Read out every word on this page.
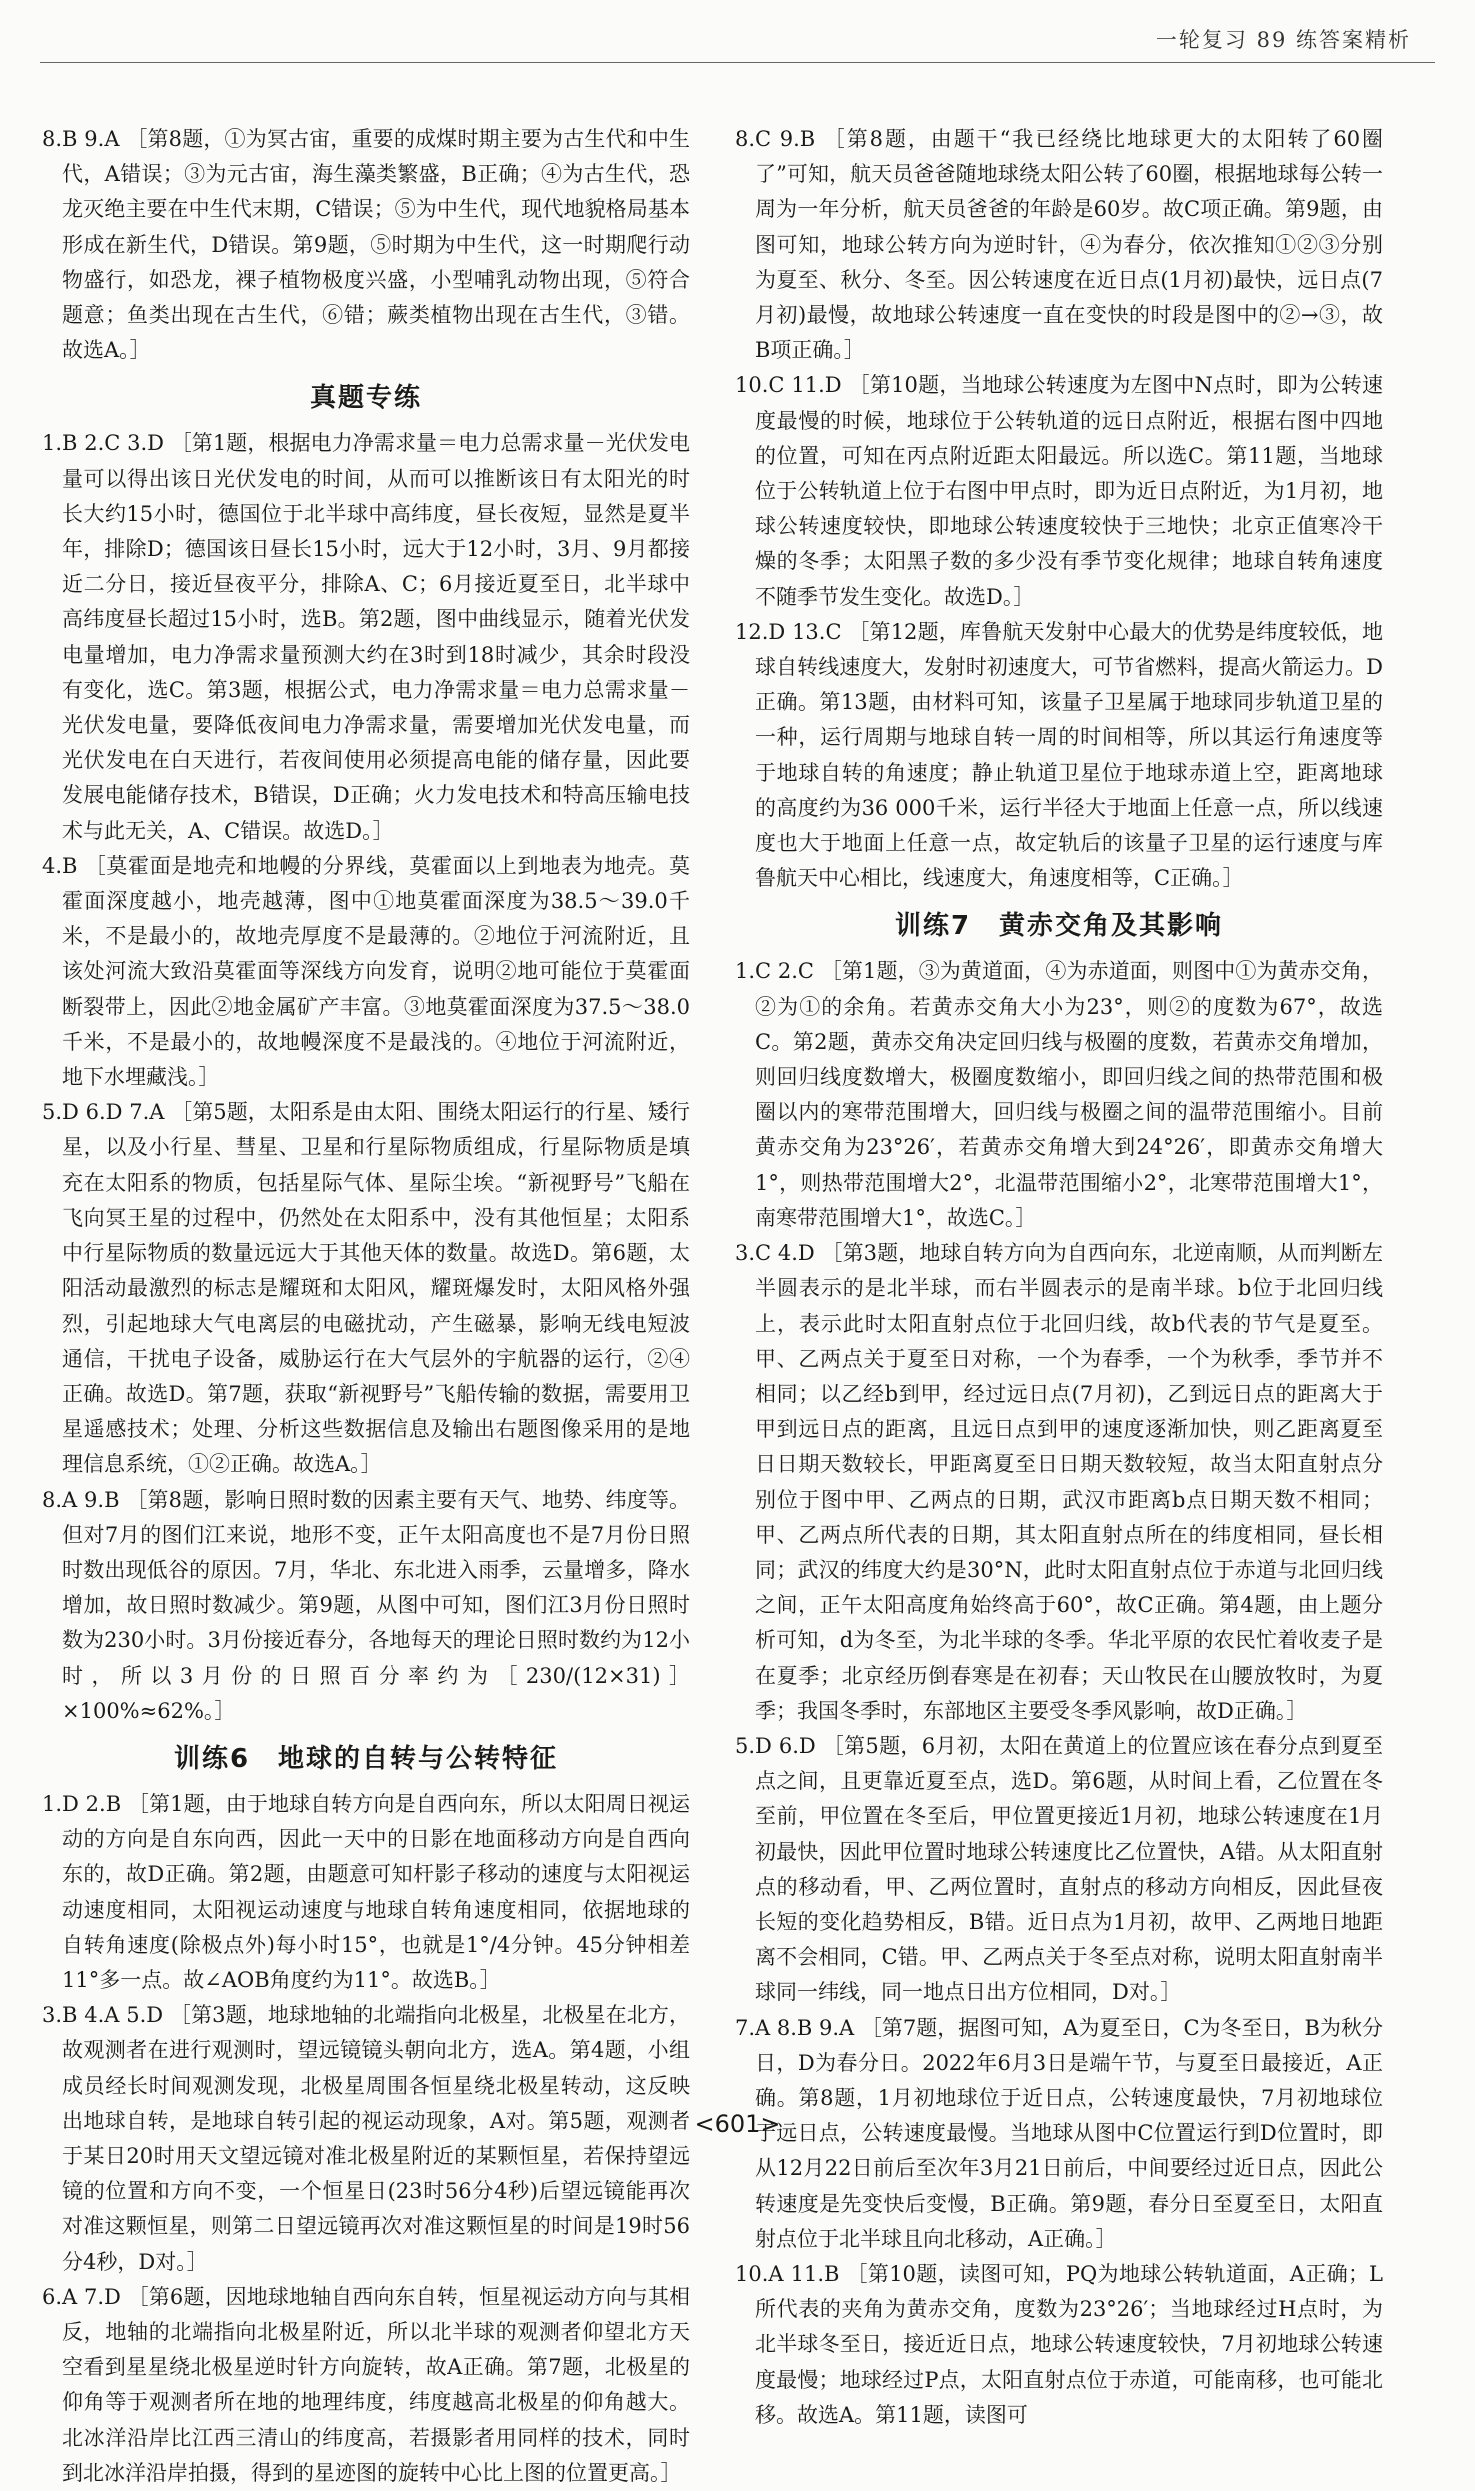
一轮复习 89 练答案精析

8.B 9.A ［第8题，①为冥古宙，重要的成煤时期主要为古生代和中生代，A错误；③为元古宙，海生藻类繁盛，B正确；④为古生代，恐龙灭绝主要在中生代末期，C错误；⑤为中生代，现代地貌格局基本形成在新生代，D错误。第9题，⑤时期为中生代，这一时期爬行动物盛行，如恐龙，裸子植物极度兴盛，小型哺乳动物出现，⑤符合题意；鱼类出现在古生代，⑥错；蕨类植物出现在古生代，③错。故选A。］

真题专练

1.B 2.C 3.D ［第1题，根据电力净需求量＝电力总需求量－光伏发电量可以得出该日光伏发电的时间，从而可以推断该日有太阳光的时长大约15小时，德国位于北半球中高纬度，昼长夜短，显然是夏半年，排除D；德国该日昼长15小时，远大于12小时，3月、9月都接近二分日，接近昼夜平分，排除A、C；6月接近夏至日，北半球中高纬度昼长超过15小时，选B。第2题，图中曲线显示，随着光伏发电量增加，电力净需求量预测大约在3时到18时减少，其余时段没有变化，选C。第3题，根据公式，电力净需求量＝电力总需求量－光伏发电量，要降低夜间电力净需求量，需要增加光伏发电量，而光伏发电在白天进行，若夜间使用必须提高电能的储存量，因此要发展电能储存技术，B错误，D正确；火力发电技术和特高压输电技术与此无关，A、C错误。故选D。］

4.B ［莫霍面是地壳和地幔的分界线，莫霍面以上到地表为地壳。莫霍面深度越小，地壳越薄，图中①地莫霍面深度为38.5～39.0千米，不是最小的，故地壳厚度不是最薄的。②地位于河流附近，且该处河流大致沿莫霍面等深线方向发育，说明②地可能位于莫霍面断裂带上，因此②地金属矿产丰富。③地莫霍面深度为37.5～38.0千米，不是最小的，故地幔深度不是最浅的。④地位于河流附近，地下水埋藏浅。］

5.D 6.D 7.A ［第5题，太阳系是由太阳、围绕太阳运行的行星、矮行星，以及小行星、彗星、卫星和行星际物质组成，行星际物质是填充在太阳系的物质，包括星际气体、星际尘埃。“新视野号”飞船在飞向冥王星的过程中，仍然处在太阳系中，没有其他恒星；太阳系中行星际物质的数量远远大于其他天体的数量。故选D。第6题，太阳活动最激烈的标志是耀斑和太阳风，耀斑爆发时，太阳风格外强烈，引起地球大气电离层的电磁扰动，产生磁暴，影响无线电短波通信，干扰电子设备，威胁运行在大气层外的宇航器的运行，②④正确。故选D。第7题，获取“新视野号”飞船传输的数据，需要用卫星遥感技术；处理、分析这些数据信息及输出右题图像采用的是地理信息系统，①②正确。故选A。］

8.A 9.B ［第8题，影响日照时数的因素主要有天气、地势、纬度等。但对7月的图们江来说，地形不变，正午太阳高度也不是7月份日照时数出现低谷的原因。7月，华北、东北进入雨季，云量增多，降水增加，故日照时数减少。第9题，从图中可知，图们江3月份日照时数为230小时。3月份接近春分，各地每天的理论日照时数约为12小时，所以3月份的日照百分率约为［230/(12×31)］×100%≈62%。］

训练6　地球的自转与公转特征

1.D 2.B ［第1题，由于地球自转方向是自西向东，所以太阳周日视运动的方向是自东向西，因此一天中的日影在地面移动方向是自西向东的，故D正确。第2题，由题意可知杆影子移动的速度与太阳视运动速度相同，太阳视运动速度与地球自转角速度相同，依据地球的自转角速度(除极点外)每小时15°，也就是1°/4分钟。45分钟相差11°多一点。故∠AOB角度约为11°。故选B。］

3.B 4.A 5.D ［第3题，地球地轴的北端指向北极星，北极星在北方，故观测者在进行观测时，望远镜镜头朝向北方，选A。第4题，小组成员经长时间观测发现，北极星周围各恒星绕北极星转动，这反映出地球自转，是地球自转引起的视运动现象，A对。第5题，观测者于某日20时用天文望远镜对准北极星附近的某颗恒星，若保持望远镜的位置和方向不变，一个恒星日(23时56分4秒)后望远镜能再次对准这颗恒星，则第二日望远镜再次对准这颗恒星的时间是19时56分4秒，D对。］

6.A 7.D ［第6题，因地球地轴自西向东自转，恒星视运动方向与其相反，地轴的北端指向北极星附近，所以北半球的观测者仰望北方天空看到星星绕北极星逆时针方向旋转，故A正确。第7题，北极星的仰角等于观测者所在地的地理纬度，纬度越高北极星的仰角越大。北冰洋沿岸比江西三清山的纬度高，若摄影者用同样的技术，同时到北冰洋沿岸拍摄，得到的星迹图的旋转中心比上图的位置更高。］

8.C 9.B ［第8题，由题干“我已经绕比地球更大的太阳转了60圈了”可知，航天员爸爸随地球绕太阳公转了60圈，根据地球每公转一周为一年分析，航天员爸爸的年龄是60岁。故C项正确。第9题，由图可知，地球公转方向为逆时针，④为春分，依次推知①②③分别为夏至、秋分、冬至。因公转速度在近日点(1月初)最快，远日点(7月初)最慢，故地球公转速度一直在变快的时段是图中的②→③，故B项正确。］

10.C 11.D ［第10题，当地球公转速度为左图中N点时，即为公转速度最慢的时候，地球位于公转轨道的远日点附近，根据右图中四地的位置，可知在丙点附近距太阳最远。所以选C。第11题，当地球位于公转轨道上位于右图中甲点时，即为近日点附近，为1月初，地球公转速度较快，即地球公转速度较快于三地快；北京正值寒冷干燥的冬季；太阳黑子数的多少没有季节变化规律；地球自转角速度不随季节发生变化。故选D。］

12.D 13.C ［第12题，库鲁航天发射中心最大的优势是纬度较低，地球自转线速度大，发射时初速度大，可节省燃料，提高火箭运力。D正确。第13题，由材料可知，该量子卫星属于地球同步轨道卫星的一种，运行周期与地球自转一周的时间相等，所以其运行角速度等于地球自转的角速度；静止轨道卫星位于地球赤道上空，距离地球的高度约为36 000千米，运行半径大于地面上任意一点，所以线速度也大于地面上任意一点，故定轨后的该量子卫星的运行速度与库鲁航天中心相比，线速度大，角速度相等，C正确。］

训练7　黄赤交角及其影响

1.C 2.C ［第1题，③为黄道面，④为赤道面，则图中①为黄赤交角，②为①的余角。若黄赤交角大小为23°，则②的度数为67°，故选C。第2题，黄赤交角决定回归线与极圈的度数，若黄赤交角增加，则回归线度数增大，极圈度数缩小，即回归线之间的热带范围和极圈以内的寒带范围增大，回归线与极圈之间的温带范围缩小。目前黄赤交角为23°26′，若黄赤交角增大到24°26′，即黄赤交角增大1°，则热带范围增大2°，北温带范围缩小2°，北寒带范围增大1°，南寒带范围增大1°，故选C。］

3.C 4.D ［第3题，地球自转方向为自西向东，北逆南顺，从而判断左半圆表示的是北半球，而右半圆表示的是南半球。b位于北回归线上，表示此时太阳直射点位于北回归线，故b代表的节气是夏至。甲、乙两点关于夏至日对称，一个为春季，一个为秋季，季节并不相同；以乙经b到甲，经过远日点(7月初)，乙到远日点的距离大于甲到远日点的距离，且远日点到甲的速度逐渐加快，则乙距离夏至日日期天数较长，甲距离夏至日日期天数较短，故当太阳直射点分别位于图中甲、乙两点的日期，武汉市距离b点日期天数不相同；甲、乙两点所代表的日期，其太阳直射点所在的纬度相同，昼长相同；武汉的纬度大约是30°N，此时太阳直射点位于赤道与北回归线之间，正午太阳高度角始终高于60°，故C正确。第4题，由上题分析可知，d为冬至，为北半球的冬季。华北平原的农民忙着收麦子是在夏季；北京经历倒春寒是在初春；天山牧民在山腰放牧时，为夏季；我国冬季时，东部地区主要受冬季风影响，故D正确。］

5.D 6.D ［第5题，6月初，太阳在黄道上的位置应该在春分点到夏至点之间，且更靠近夏至点，选D。第6题，从时间上看，乙位置在冬至前，甲位置在冬至后，甲位置更接近1月初，地球公转速度在1月初最快，因此甲位置时地球公转速度比乙位置快，A错。从太阳直射点的移动看，甲、乙两位置时，直射点的移动方向相反，因此昼夜长短的变化趋势相反，B错。近日点为1月初，故甲、乙两地日地距离不会相同，C错。甲、乙两点关于冬至点对称，说明太阳直射南半球同一纬线，同一地点日出方位相同，D对。］

7.A 8.B 9.A ［第7题，据图可知，A为夏至日，C为冬至日，B为秋分日，D为春分日。2022年6月3日是端午节，与夏至日最接近，A正确。第8题，1月初地球位于近日点，公转速度最快，7月初地球位于远日点，公转速度最慢。当地球从图中C位置运行到D位置时，即从12月22日前后至次年3月21日前后，中间要经过近日点，因此公转速度是先变快后变慢，B正确。第9题，春分日至夏至日，太阳直射点位于北半球且向北移动，A正确。］

10.A 11.B ［第10题，读图可知，PQ为地球公转轨道面，A正确；L所代表的夹角为黄赤交角，度数为23°26′；当地球经过H点时，为北半球冬至日，接近近日点，地球公转速度较快，7月初地球公转速度最慢；地球经过P点，太阳直射点位于赤道，可能南移，也可能北移。故选A。第11题，读图可

<601>
